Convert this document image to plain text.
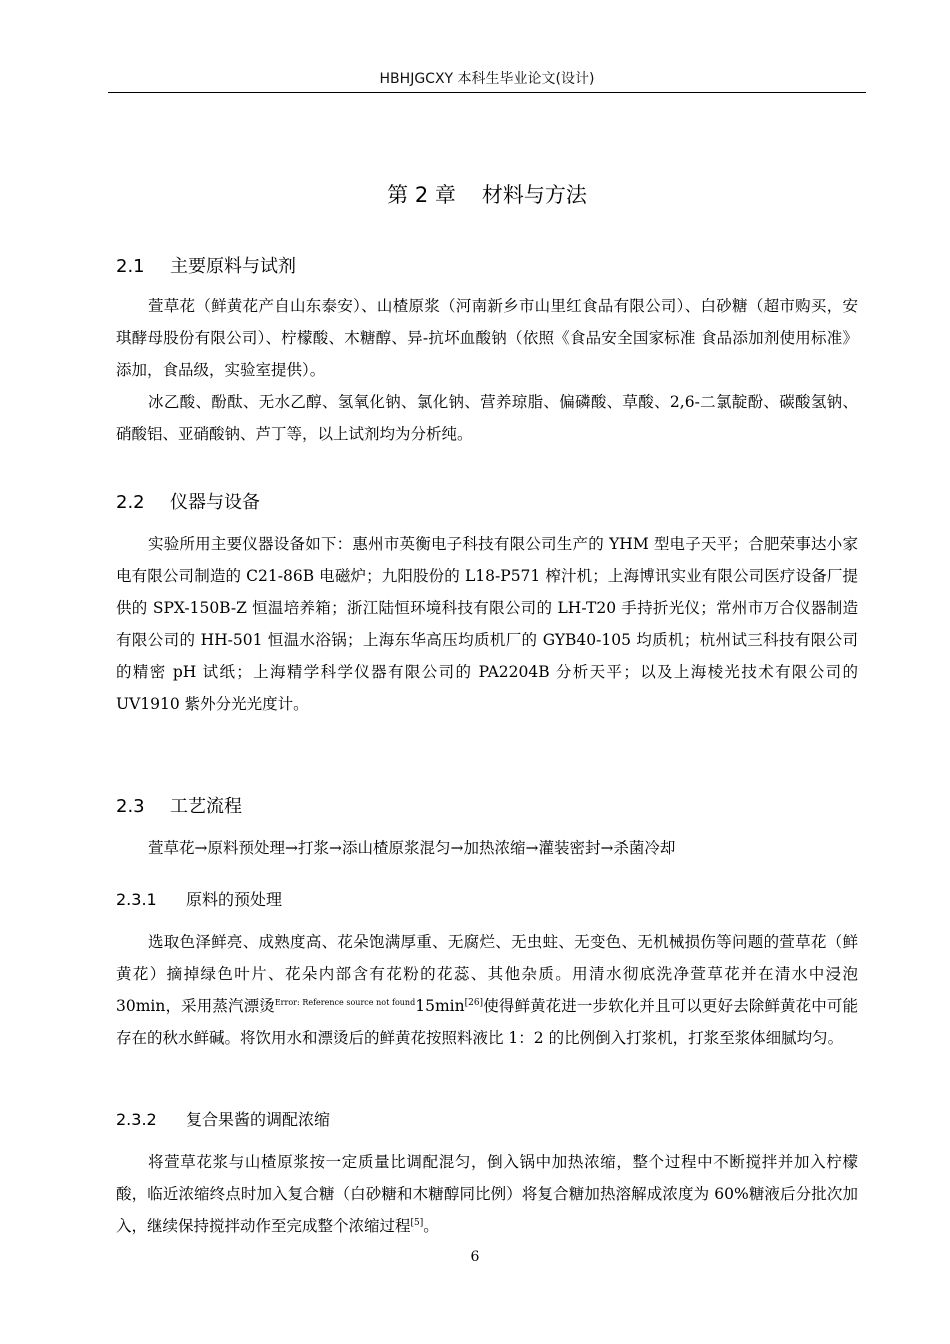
HBHJGCXY 本科生毕业论文(设计)
第 2 章 材料与方法
2.1 主要原料与试剂
萱草花（鲜黄花产自山东泰安）、山楂原浆（河南新乡市山里红食品有限公司）、白砂糖（超市购买，安琪酵母股份有限公司）、柠檬酸、木糖醇、异-抗坏血酸钠（依照《食品安全国家标准 食品添加剂使用标准》添加，食品级，实验室提供）。
冰乙酸、酚酞、无水乙醇、氢氧化钠、氯化钠、营养琼脂、偏磷酸、草酸、2,6-二氯靛酚、碳酸氢钠、硝酸铝、亚硝酸钠、芦丁等，以上试剂均为分析纯。
2.2 仪器与设备
实验所用主要仪器设备如下：惠州市英衡电子科技有限公司生产的 YHM 型电子天平；合肥荣事达小家电有限公司制造的 C21-86B 电磁炉；九阳股份的 L18-P571 榨汁机；上海博讯实业有限公司医疗设备厂提供的 SPX-150B-Z 恒温培养箱；浙江陆恒环境科技有限公司的 LH-T20 手持折光仪；常州市万合仪器制造有限公司的 HH-501 恒温水浴锅；上海东华高压均质机厂的 GYB40-105 均质机；杭州试三科技有限公司的精密 pH 试纸；上海精学科学仪器有限公司的 PA2204B 分析天平；以及上海棱光技术有限公司的 UV1910 紫外分光光度计。
2.3 工艺流程
萱草花→原料预处理→打浆→添山楂原浆混匀→加热浓缩→灌装密封→杀菌冷却
2.3.1 原料的预处理
选取色泽鲜亮、成熟度高、花朵饱满厚重、无腐烂、无虫蛀、无变色、无机械损伤等问题的萱草花（鲜黄花）摘掉绿色叶片、花朵内部含有花粉的花蕊、其他杂质。用清水彻底洗净萱草花并在清水中浸泡 30min，采用蒸汽漂烫$^{Error: Reference source not found}$15min[26]使得鲜黄花进一步软化并且可以更好去除鲜黄花中可能存在的秋水鲜碱。将饮用水和漂烫后的鲜黄花按照料液比 1：2 的比例倒入打浆机，打浆至浆体细腻均匀。
2.3.2 复合果酱的调配浓缩
将萱草花浆与山楂原浆按一定质量比调配混匀，倒入锅中加热浓缩，整个过程中不断搅拌并加入柠檬酸，临近浓缩终点时加入复合糖（白砂糖和木糖醇同比例）将复合糖加热溶解成浓度为 60%糖液后分批次加入，继续保持搅拌动作至完成整个浓缩过程[5]。
6
